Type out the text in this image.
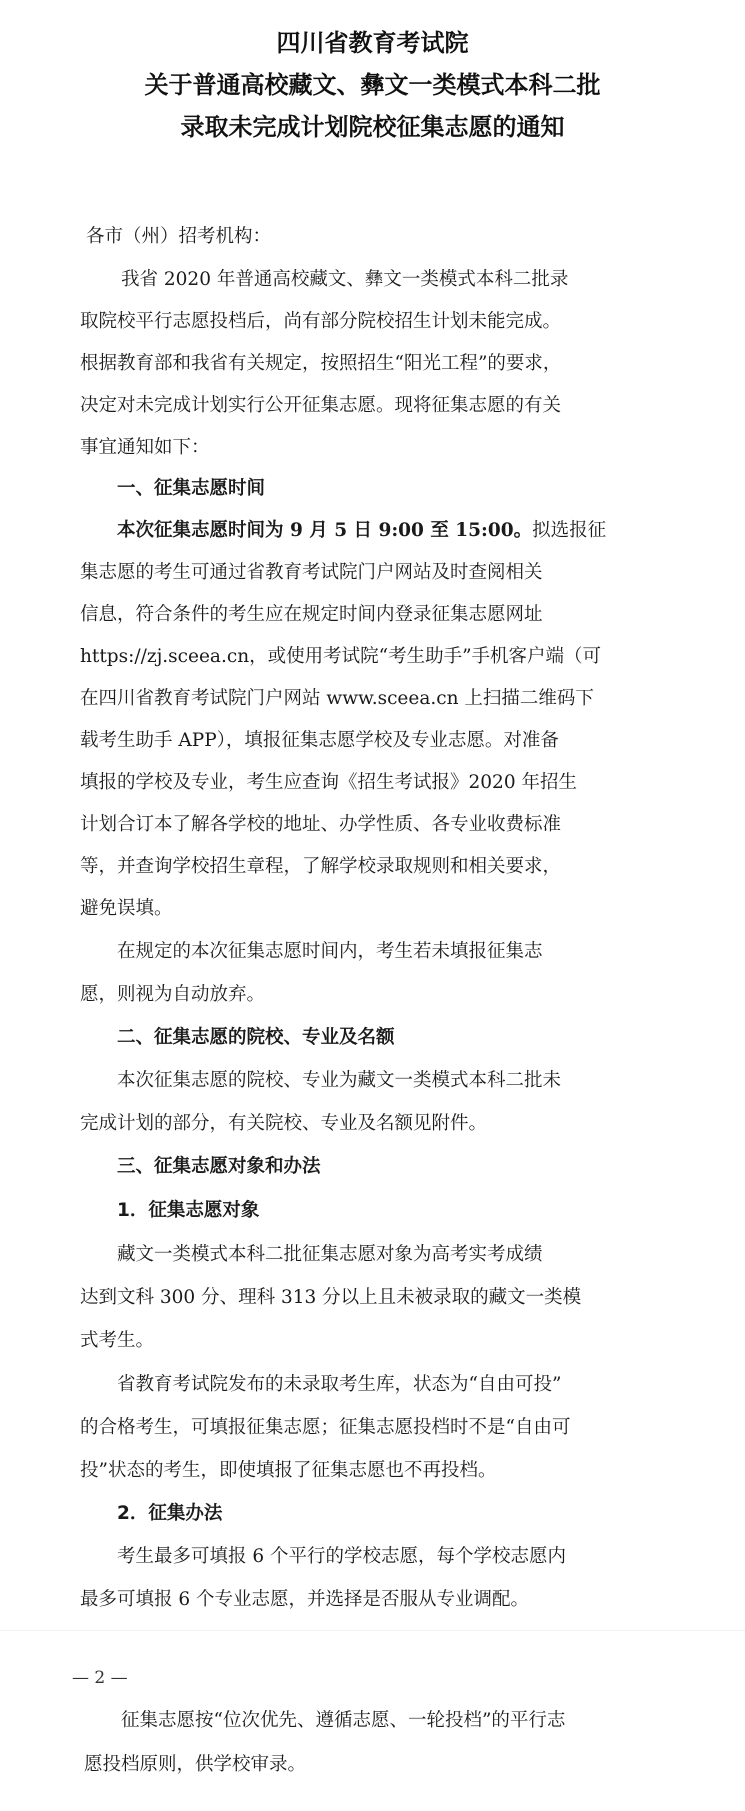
四川省教育考试院
关于普通高校藏文、彝文一类模式本科二批
录取未完成计划院校征集志愿的通知
各市（州）招考机构：
我省 2020 年普通高校藏文、彝文一类模式本科二批录
取院校平行志愿投档后，尚有部分院校招生计划未能完成。
根据教育部和我省有关规定，按照招生“阳光工程”的要求，
决定对未完成计划实行公开征集志愿。现将征集志愿的有关
事宜通知如下：
一、征集志愿时间
本次征集志愿时间为 9 月 5 日 9:00 至 15:00。拟选报征
集志愿的考生可通过省教育考试院门户网站及时查阅相关
信息，符合条件的考生应在规定时间内登录征集志愿网址
https://zj.sceea.cn，或使用考试院“考生助手”手机客户端（可
在四川省教育考试院门户网站 www.sceea.cn 上扫描二维码下
载考生助手 APP），填报征集志愿学校及专业志愿。对准备
填报的学校及专业，考生应查询《招生考试报》2020 年招生
计划合订本了解各学校的地址、办学性质、各专业收费标准
等，并查询学校招生章程，了解学校录取规则和相关要求，
避免误填。
在规定的本次征集志愿时间内，考生若未填报征集志
愿，则视为自动放弃。
二、征集志愿的院校、专业及名额
本次征集志愿的院校、专业为藏文一类模式本科二批未
完成计划的部分，有关院校、专业及名额见附件。
三、征集志愿对象和办法
1．征集志愿对象
藏文一类模式本科二批征集志愿对象为高考实考成绩
达到文科 300 分、理科 313 分以上且未被录取的藏文一类模
式考生。
省教育考试院发布的未录取考生库，状态为“自由可投”
的合格考生，可填报征集志愿；征集志愿投档时不是“自由可
投”状态的考生，即使填报了征集志愿也不再投档。
2．征集办法
考生最多可填报 6 个平行的学校志愿，每个学校志愿内
最多可填报 6 个专业志愿，并选择是否服从专业调配。
— 2 —
征集志愿按“位次优先、遵循志愿、一轮投档”的平行志
愿投档原则，供学校审录。
